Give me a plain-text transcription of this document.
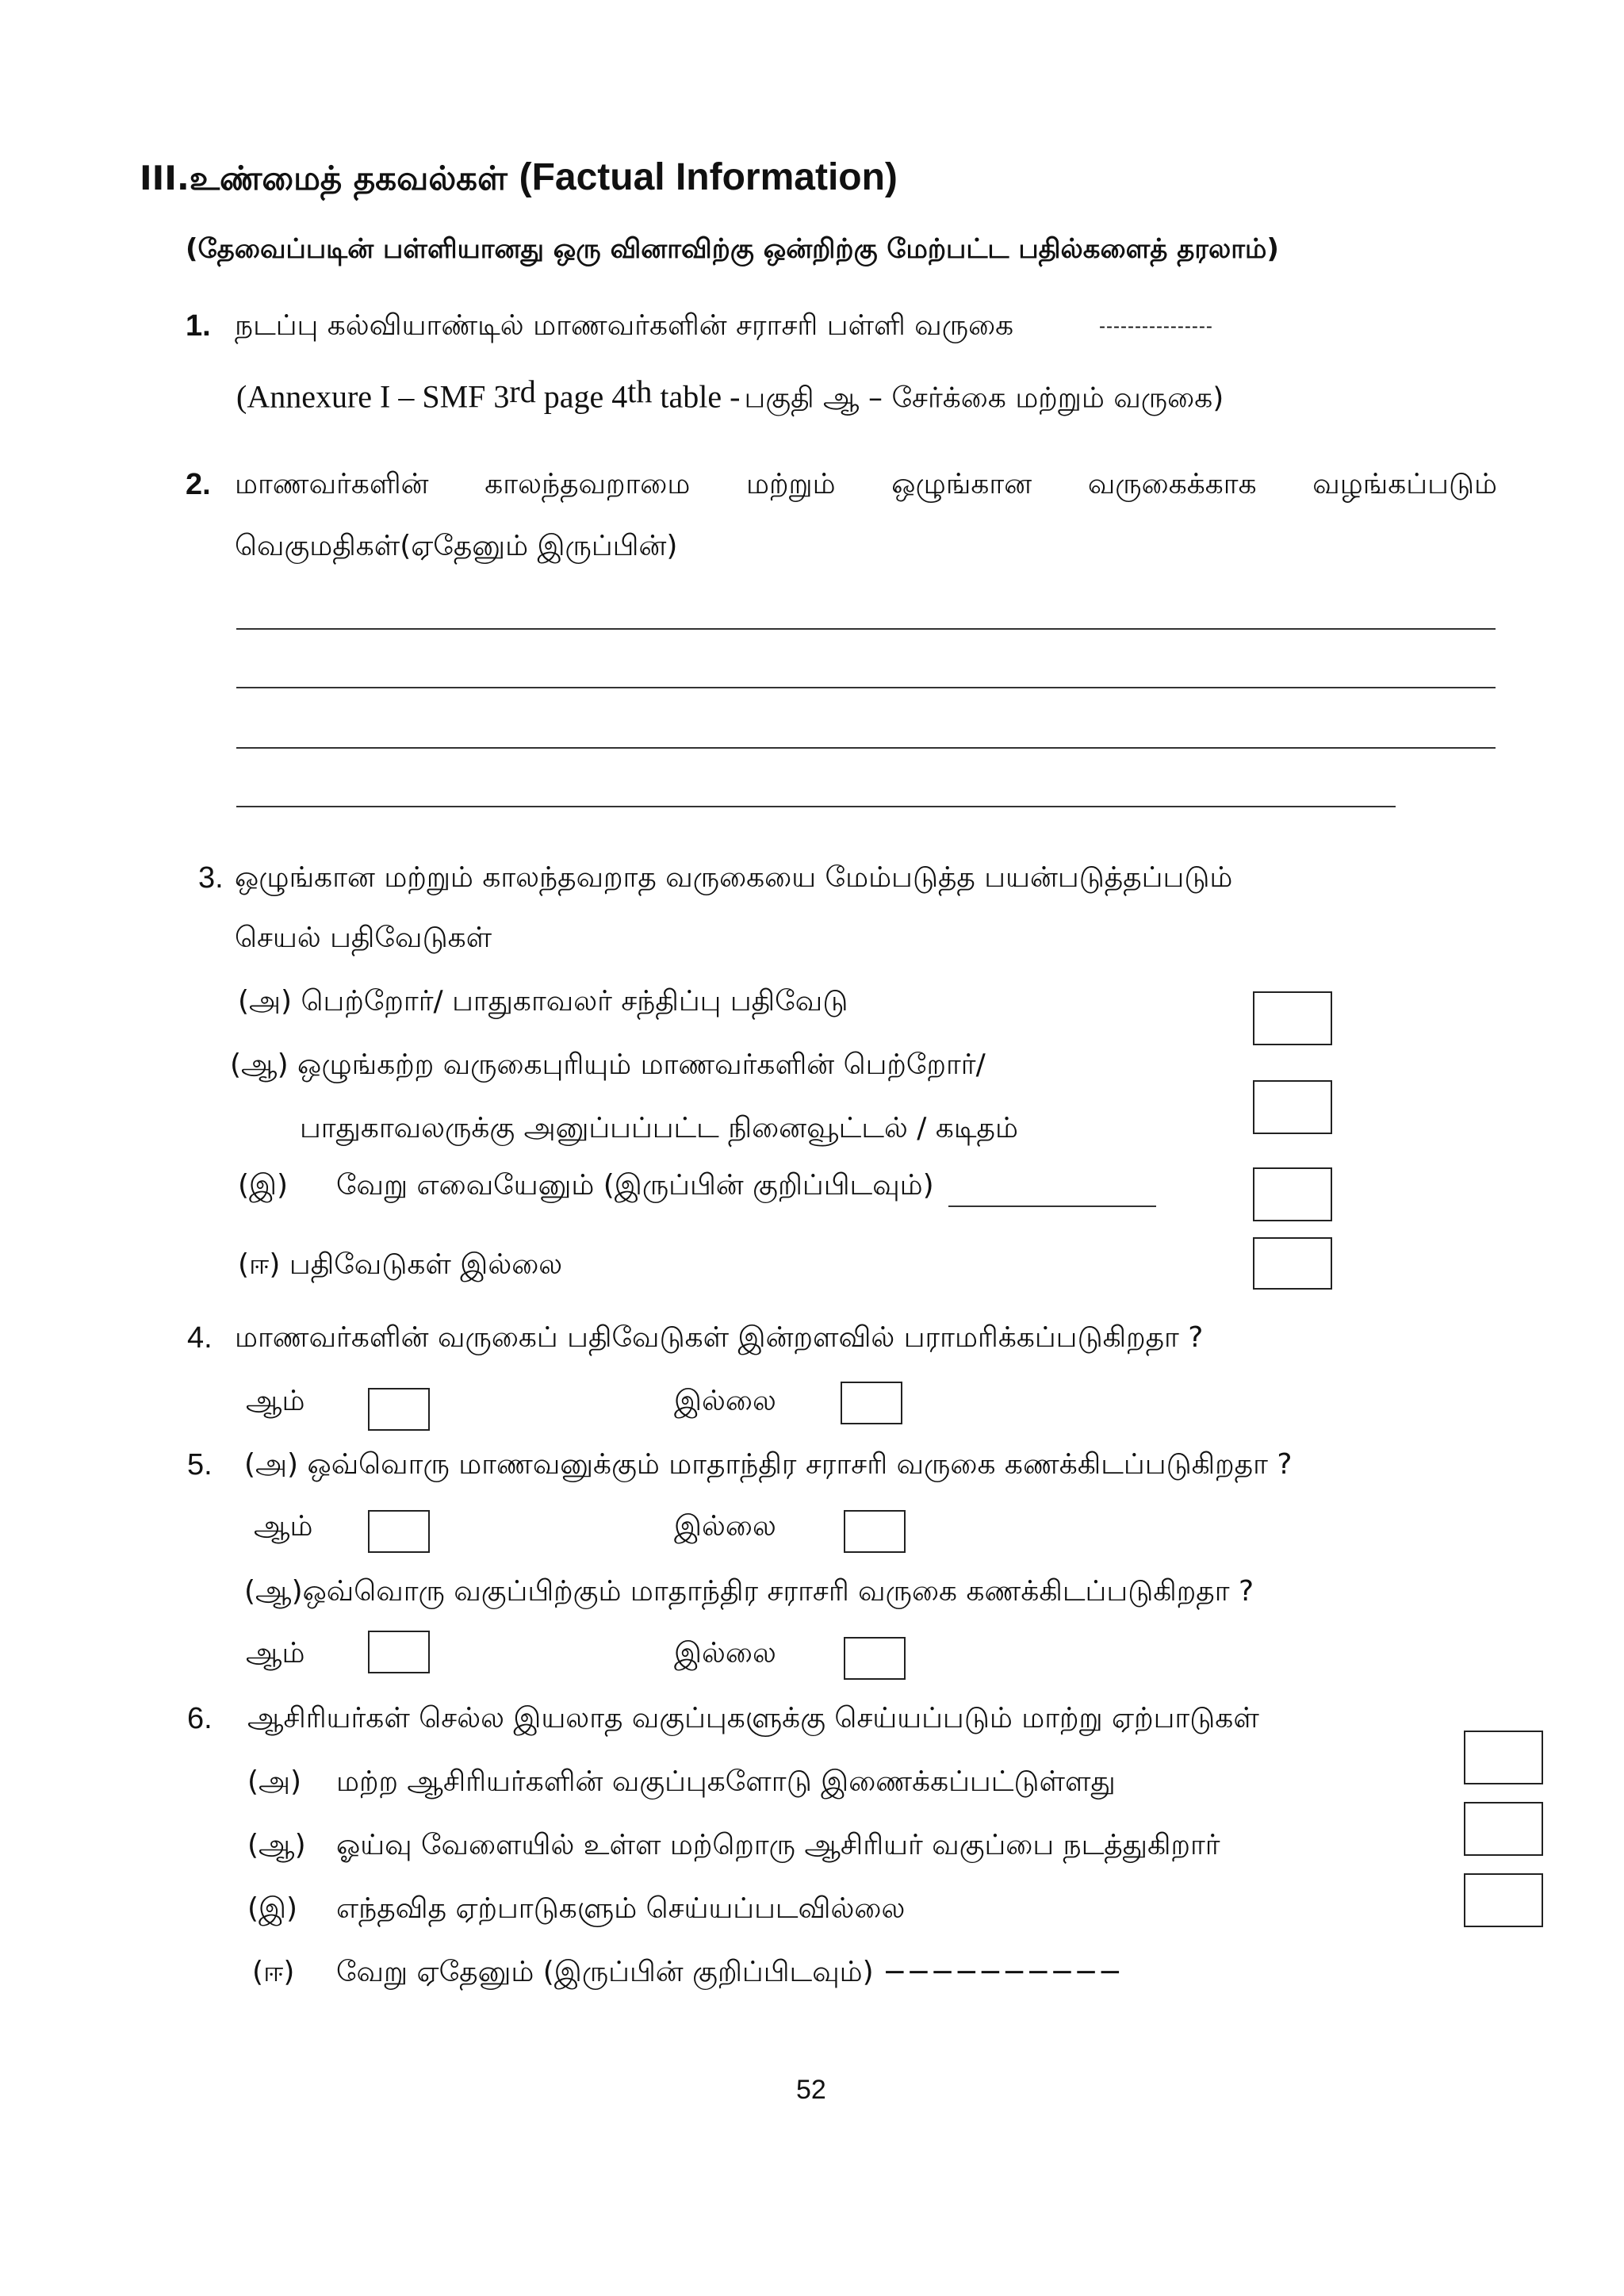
III.உண்மைத் தகவல்கள் (Factual Information)
(தேவைப்படின் பள்ளியானது ஒரு வினாவிற்கு ஒன்றிற்கு மேற்பட்ட பதில்களைத் தரலாம்)
1. நடப்பு கல்வியாண்டில் மாணவர்களின் சராசரி பள்ளி வருகை	----------------
(Annexure I – SMF 3rd page 4th table - பகுதி ஆ – சேர்க்கை மற்றும் வருகை)
2. மாணவர்களின் காலந்தவறாமை மற்றும் ஒழுங்கான வருகைக்காக வழங்கப்படும்
வெகுமதிகள்(ஏதேனும் இருப்பின்)
3. ஒழுங்கான மற்றும் காலந்தவறாத வருகையை மேம்படுத்த பயன்படுத்தப்படும்
செயல் பதிவேடுகள்
(அ) பெற்றோர்/ பாதுகாவலர் சந்திப்பு பதிவேடு
(ஆ) ஒழுங்கற்ற வருகைபுரியும் மாணவர்களின் பெற்றோர்/
பாதுகாவலருக்கு அனுப்பப்பட்ட நினைவூட்டல் / கடிதம்
(இ) வேறு எவையேனும் (இருப்பின் குறிப்பிடவும்)
(ஈ) பதிவேடுகள் இல்லை
4. மாணவர்களின் வருகைப் பதிவேடுகள் இன்றளவில் பராமரிக்கப்படுகிறதா ?
ஆம்	இல்லை
5. (அ) ஒவ்வொரு மாணவனுக்கும் மாதாந்திர சராசரி வருகை கணக்கிடப்படுகிறதா ?
ஆம்	இல்லை
(ஆ)ஒவ்வொரு வகுப்பிற்கும் மாதாந்திர சராசரி வருகை கணக்கிடப்படுகிறதா ?
ஆம்	இல்லை
6. ஆசிரியர்கள் செல்ல இயலாத வகுப்புகளுக்கு செய்யப்படும் மாற்று ஏற்பாடுகள்
(அ) மற்ற ஆசிரியர்களின் வகுப்புகளோடு இணைக்கப்பட்டுள்ளது
(ஆ) ஓய்வு வேளையில் உள்ள மற்றொரு ஆசிரியர் வகுப்பை நடத்துகிறார்
(இ) எந்தவித ஏற்பாடுகளும் செய்யப்படவில்லை
(ஈ) வேறு ஏதேனும் (இருப்பின் குறிப்பிடவும்) −−−−−−−−−−
52
